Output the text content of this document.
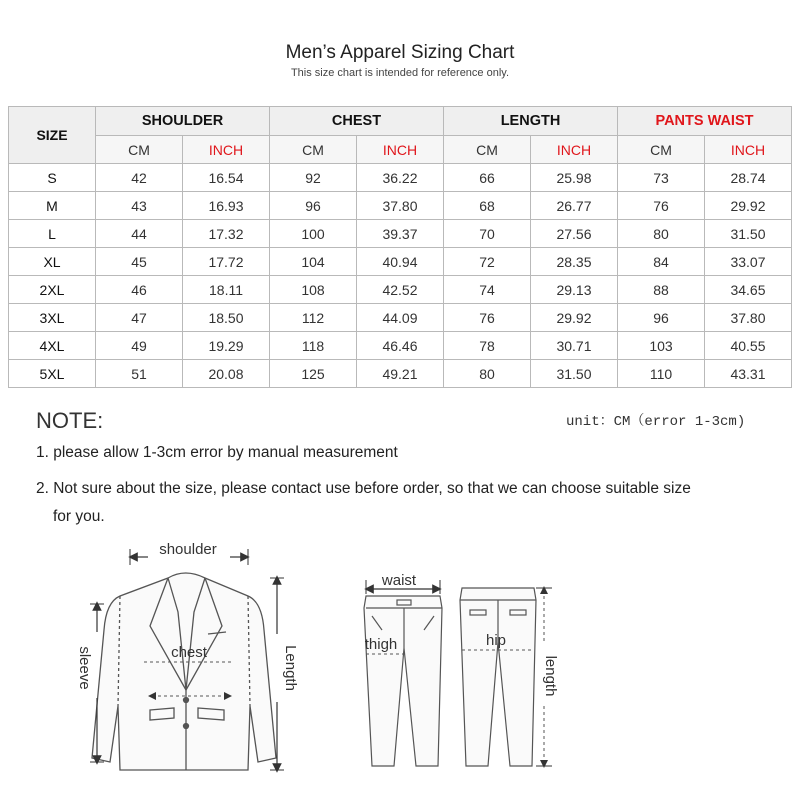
Men’s Apparel Sizing Chart
This size chart is intended for reference only.
SIZE	SHOULDER		CHEST		LENGTH		PANTS WAIST	
	CM	INCH	CM	INCH	CM	INCH	CM	INCH
S	42	16.54	92	36.22	66	25.98	73	28.74
M	43	16.93	96	37.80	68	26.77	76	29.92
L	44	17.32	100	39.37	70	27.56	80	31.50
XL	45	17.72	104	40.94	72	28.35	84	33.07
2XL	46	18.11	108	42.52	74	29.13	88	34.65
3XL	47	18.50	112	44.09	76	29.92	96	37.80
4XL	49	19.29	118	46.46	78	30.71	103	40.55
5XL	51	20.08	125	49.21	80	31.50	110	43.31
NOTE:	unit：CM（error 1-3cm)
1. please allow 1-3cm error by manual measurement
2. Not sure about the size, please contact use before order, so that we can choose suitable size
for you.
shoulder
chest
sleeve	Length
waist
thigh	hip
length
